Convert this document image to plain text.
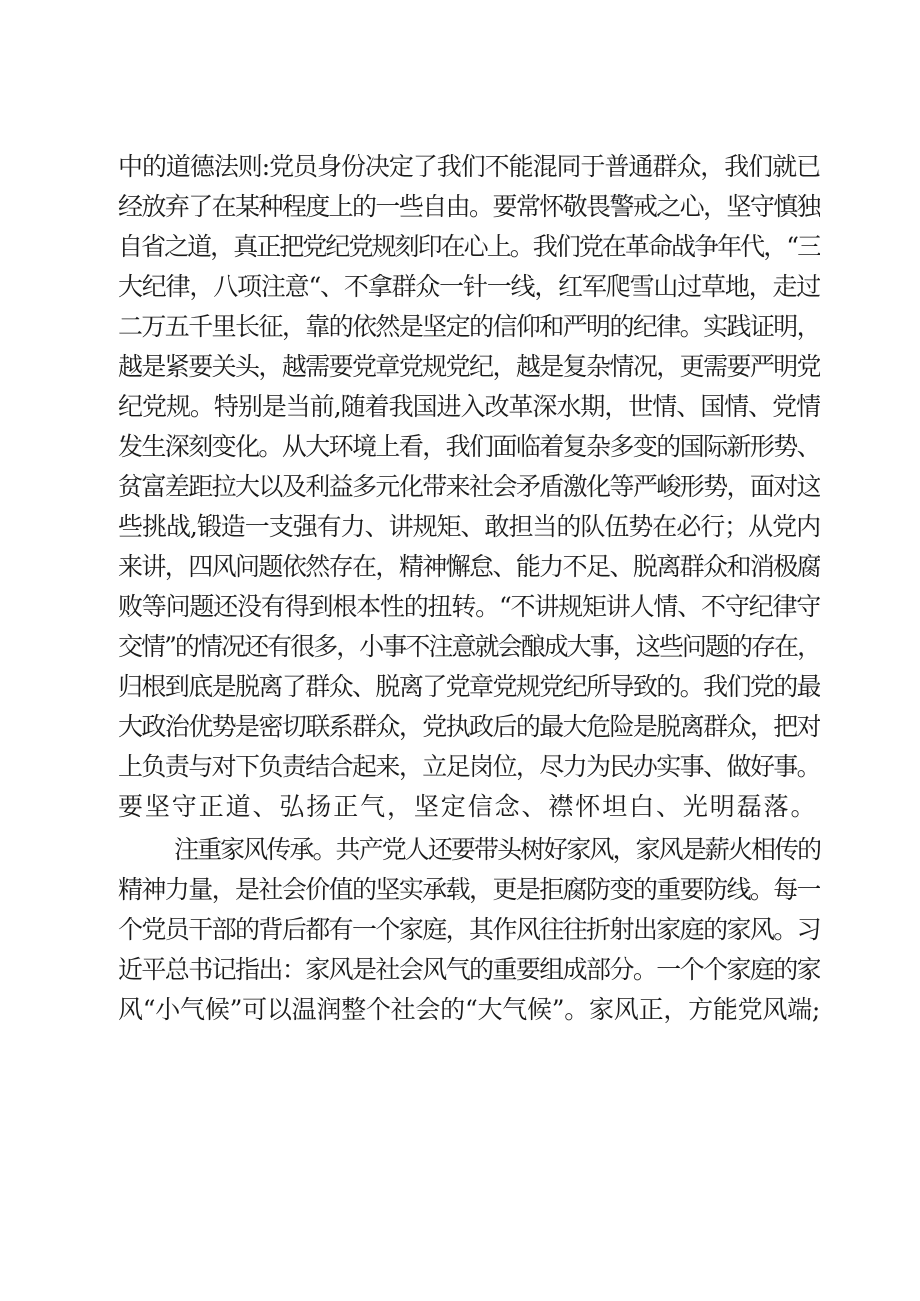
中的道德法则:党员身份决定了我们不能混同于普通群众，我们就已
经放弃了在某种程度上的一些自由。要常怀敬畏警戒之心，坚守慎独
自省之道，真正把党纪党规刻印在心上。我们党在革命战争年代，“三
大纪律，八项注意“、不拿群众一针一线，红军爬雪山过草地，走过
二万五千里长征，靠的依然是坚定的信仰和严明的纪律。实践证明，
越是紧要关头，越需要党章党规党纪，越是复杂情况，更需要严明党
纪党规。特别是当前,随着我国进入改革深水期，世情、国情、党情
发生深刻变化。从大环境上看，我们面临着复杂多变的国际新形势、
贫富差距拉大以及利益多元化带来社会矛盾激化等严峻形势，面对这
些挑战,锻造一支强有力、讲规矩、敢担当的队伍势在必行；从党内
来讲，四风问题依然存在，精神懈怠、能力不足、脱离群众和消极腐
败等问题还没有得到根本性的扭转。“不讲规矩讲人情、不守纪律守
交情”的情况还有很多，小事不注意就会酿成大事，这些问题的存在，
归根到底是脱离了群众、脱离了党章党规党纪所导致的。我们党的最
大政治优势是密切联系群众，党执政后的最大危险是脱离群众，把对
上负责与对下负责结合起来，立足岗位，尽力为民办实事、做好事。
要坚守正道、弘扬正气，坚定信念、襟怀坦白、光明磊落。
注重家风传承。共产党人还要带头树好家风，家风是薪火相传的
精神力量，是社会价值的坚实承载，更是拒腐防变的重要防线。每一
个党员干部的背后都有一个家庭，其作风往往折射出家庭的家风。习
近平总书记指出：家风是社会风气的重要组成部分。一个个家庭的家
风“小气候”可以温润整个社会的“大气候”。家风正，方能党风端;
